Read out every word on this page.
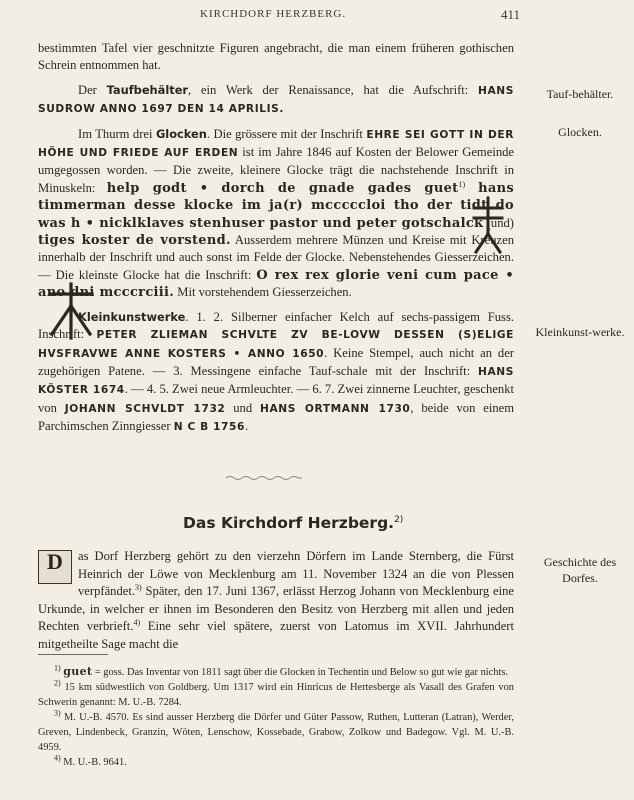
KIRCHDORF HERZBERG.	411

bestimmten Tafel vier geschnitzte Figuren angebracht, die man einem früheren gothischen Schrein entnommen hat.

Der Taufbehälter, ein Werk der Renaissance, hat die Aufschrift: HANS SUDROW ANNO 1697 DEN 14 APRILIS.

Im Thurm drei Glocken. Die grössere mit der Inschrift EHRE SEI GOTT IN DER HÖHE UND FRIEDE AUF ERDEN ist im Jahre 1846 auf Kosten der Belower Gemeinde umgegossen worden. — Die zweite, kleinere Glocke trägt die nachstehende Inschrift in Minuskeln: help godt • dorch de gnade gades guet$^{1)}$ hans timmerman desse klocke im ja(r) mcccccloi tho der tidt do was h • nicklklaves stenhuser pastor und peter gotschalck (und) tiges koster de vorstend. Ausserdem mehrere Münzen und Kreise mit Kreuzen innerhalb der Inschrift und auch sonst im Felde der Glocke. Nebenstehendes Giesserzeichen. — Die kleinste Glocke hat die Inschrift: O rex rex glorie veni cum pace • ano dni mcccrciii. Mit vorstehendem Giesserzeichen.

Kleinkunstwerke. 1. 2. Silberner einfacher Kelch auf sechs-passigem Fuss. Inschrift: PETER ZLIEMAN SCHVLTE ZV BE-LOVW DESSEN (S)ELIGE HVSFRAVWE ANNE KOSTERS • ANNO 1650. Keine Stempel, auch nicht an der zugehörigen Patene. — 3. Messingene einfache Tauf-schale mit der Inschrift: HANS KÖSTER 1674. — 4. 5. Zwei neue Armleuchter. — 6. 7. Zwei zinnerne Leuchter, geschenkt von JOHANN SCHVLDT 1732 und HANS ORTMANN 1730, beide von einem Parchimschen Zinngiesser N C B 1756.

Tauf-behälter.
Glocken.
Kleinkunst-werke.
Geschichte des Dorfes.
Das Kirchdorf Herzberg.$^{2)}$
D	as Dorf Herzberg gehört zu den vierzehn Dörfern im Lande Sternberg, die Fürst Heinrich der Löwe von Mecklenburg am 11. November 1324 an die von Plessen verpfändet.$^{3)}$ Später, den 17. Juni 1367, erlässt Herzog Johann von Mecklenburg eine Urkunde, in welcher er ihnen im Besonderen den Besitz von Herzberg mit allen und jeden Rechten verbrieft.$^{4)}$ Eine sehr viel spätere, zuerst von Latomus im XVII. Jahrhundert mitgetheilte Sage macht die

$^{1)}$ guet = goss. Das Inventar von 1811 sagt über die Glocken in Techentin und Below so gut wie gar nichts.

$^{2)}$ 15 km südwestlich von Goldberg. Um 1317 wird ein Hinricus de Hertesberge als Vasall des Grafen von Schwerin genannt: M. U.-B. 7284.

$^{3)}$ M. U.-B. 4570. Es sind ausser Herzberg die Dörfer und Güter Passow, Ruthen, Lutteran (Latran), Werder, Greven, Lindenbeck, Granzin, Wöten, Lenschow, Kossebade, Grabow, Zolkow und Badegow. Vgl. M. U.-B. 4959.

$^{4)}$ M. U.-B. 9641.
